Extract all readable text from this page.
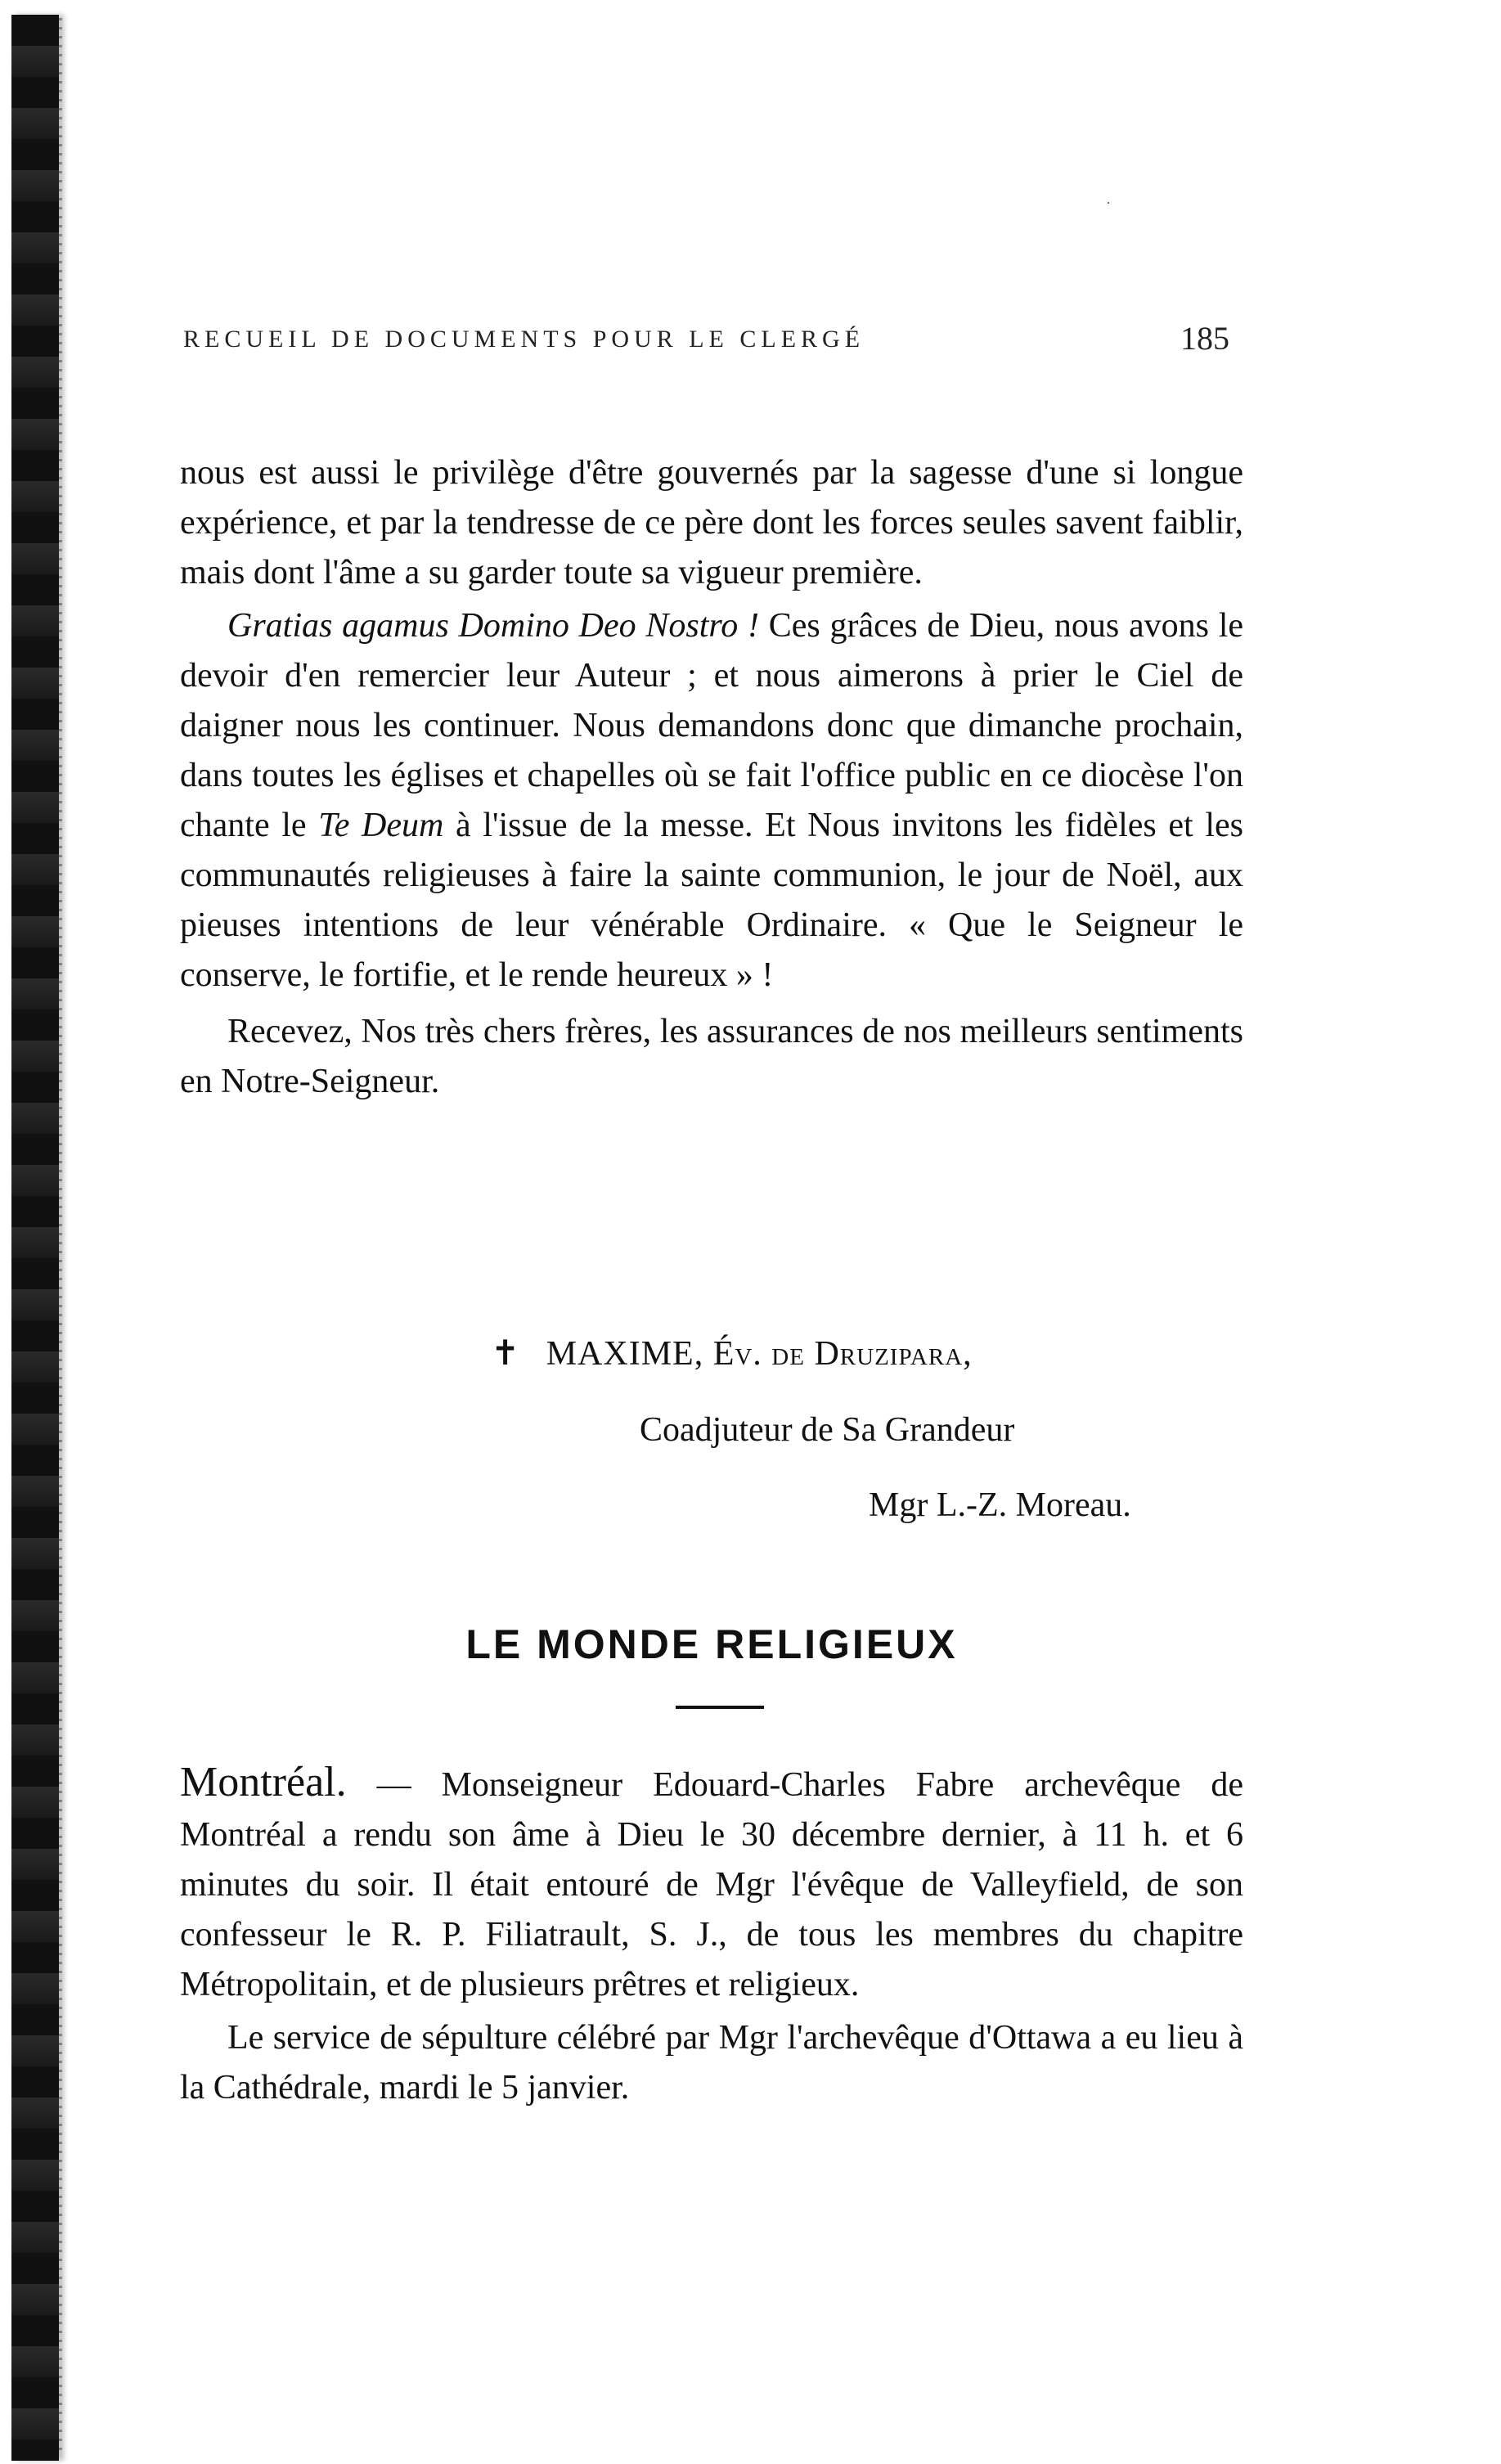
·
RECUEIL DE DOCUMENTS POUR LE CLERGÉ	185

nous est aussi le privilège d'être gouvernés par la sagesse d'une si longue expérience, et par la tendresse de ce père dont les forces seules savent faiblir, mais dont l'âme a su garder toute sa vigueur première.

Gratias agamus Domino Deo Nostro ! Ces grâces de Dieu, nous avons le devoir d'en remercier leur Auteur ; et nous aimerons à prier le Ciel de daigner nous les continuer. Nous demandons donc que dimanche prochain, dans toutes les églises et chapelles où se fait l'office public en ce diocèse l'on chante le Te Deum à l'issue de la messe. Et Nous invitons les fidèles et les communautés religieuses à faire la sainte communion, le jour de Noël, aux pieuses intentions de leur vénérable Ordinaire. « Que le Seigneur le conserve, le fortifie, et le rende heureux » !

Recevez, Nos très chers frères, les assurances de nos meilleurs sentiments en Notre-Seigneur.

✝ MAXIME, Év. de Druzipara,
Coadjuteur de Sa Grandeur
Mgr L.-Z. Moreau.
LE MONDE RELIGIEUX

Montréal. — Monseigneur Edouard-Charles Fabre archevêque de Montréal a rendu son âme à Dieu le 30 décembre dernier, à 11 h. et 6 minutes du soir. Il était entouré de Mgr l'évêque de Valleyfield, de son confesseur le R. P. Filiatrault, S. J., de tous les membres du chapitre Métropolitain, et de plusieurs prêtres et religieux.

Le service de sépulture célébré par Mgr l'archevêque d'Ottawa a eu lieu à la Cathédrale, mardi le 5 janvier.
